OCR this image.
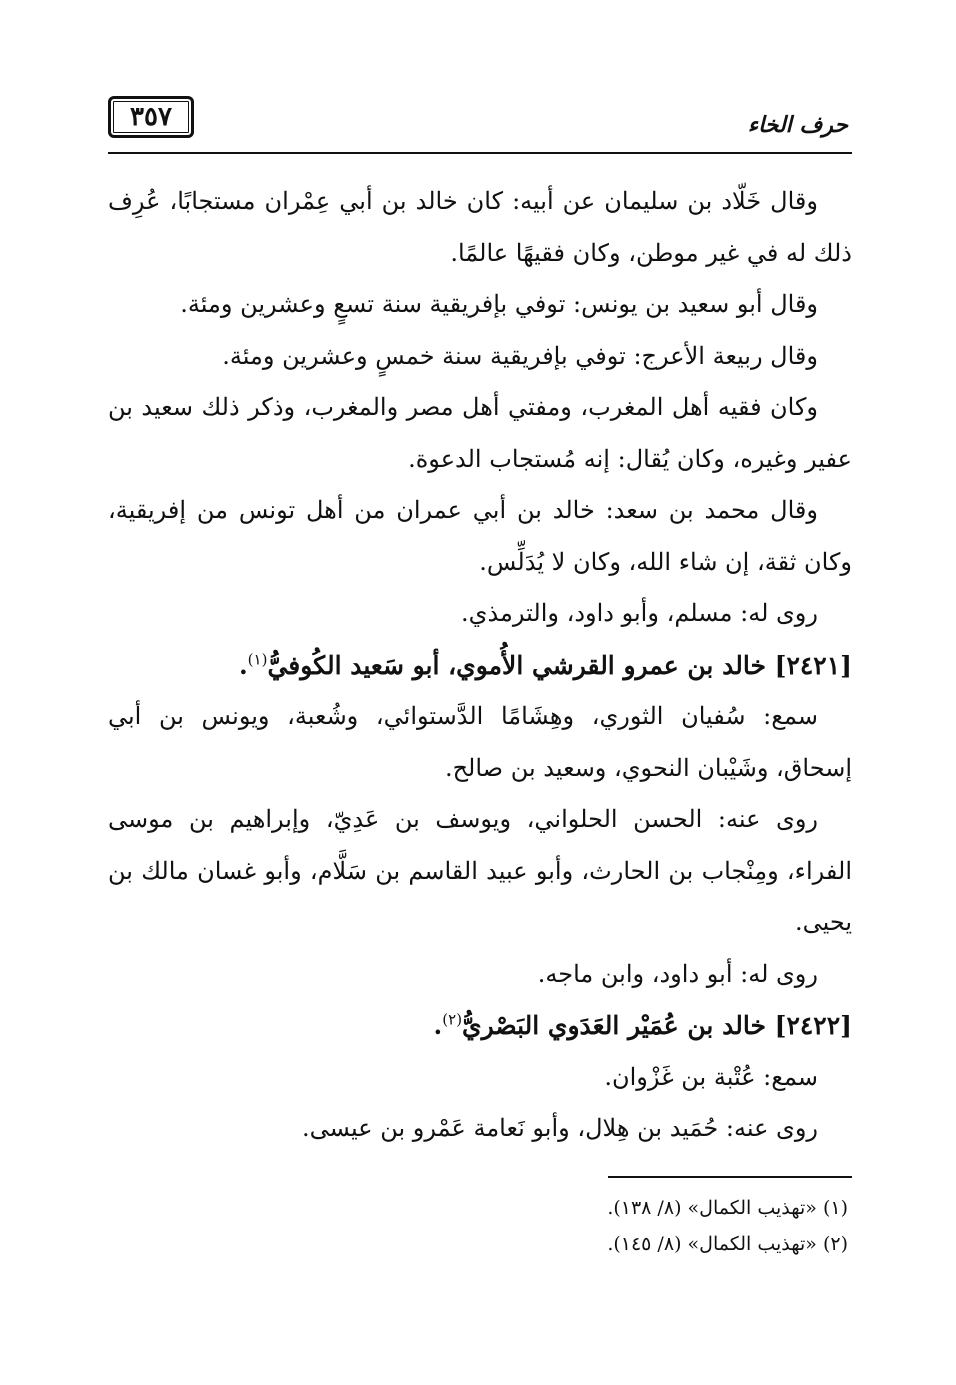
٣٥٧	حرف الخاء

وقال خَلّاد بن سليمان عن أبيه: كان خالد بن أبي عِمْران مستجابًا، عُرِف ذلك له في غير موطن، وكان فقيهًا عالمًا.

وقال أبو سعيد بن يونس: توفي بإفريقية سنة تسعٍ وعشرين ومئة.

وقال ربيعة الأعرج: توفي بإفريقية سنة خمسٍ وعشرين ومئة.

وكان فقيه أهل المغرب، ومفتي أهل مصر والمغرب، وذكر ذلك سعيد بن عفير وغيره، وكان يُقال: إنه مُستجاب الدعوة.

وقال محمد بن سعد: خالد بن أبي عمران من أهل تونس من إفريقية، وكان ثقة، إن شاء الله، وكان لا يُدَلِّس.

روى له: مسلم، وأبو داود، والترمذي.

[٢٤٢١] خالد بن عمرو القرشي الأُموي، أبو سَعيد الكُوفيُّ$^{(١)}$.

سمع: سُفيان الثوري، وهِشَامًا الدَّستوائي، وشُعبة، ويونس بن أبي إسحاق، وشَيْبان النحوي، وسعيد بن صالح.

روى عنه: الحسن الحلواني، ويوسف بن عَدِيّ، وإبراهيم بن موسى الفراء، ومِنْجاب بن الحارث، وأبو عبيد القاسم بن سَلَّام، وأبو غسان مالك بن يحيى.

روى له: أبو داود، وابن ماجه.

[٢٤٢٢] خالد بن عُمَيْر العَدَوي البَصْريُّ$^{(٢)}$.

سمع: عُتْبة بن غَزْوان.

روى عنه: حُمَيد بن هِلال، وأبو نَعامة عَمْرو بن عيسى.

(١) «تهذيب الكمال» (٨/ ١٣٨).

(٢) «تهذيب الكمال» (٨/ ١٤٥).
